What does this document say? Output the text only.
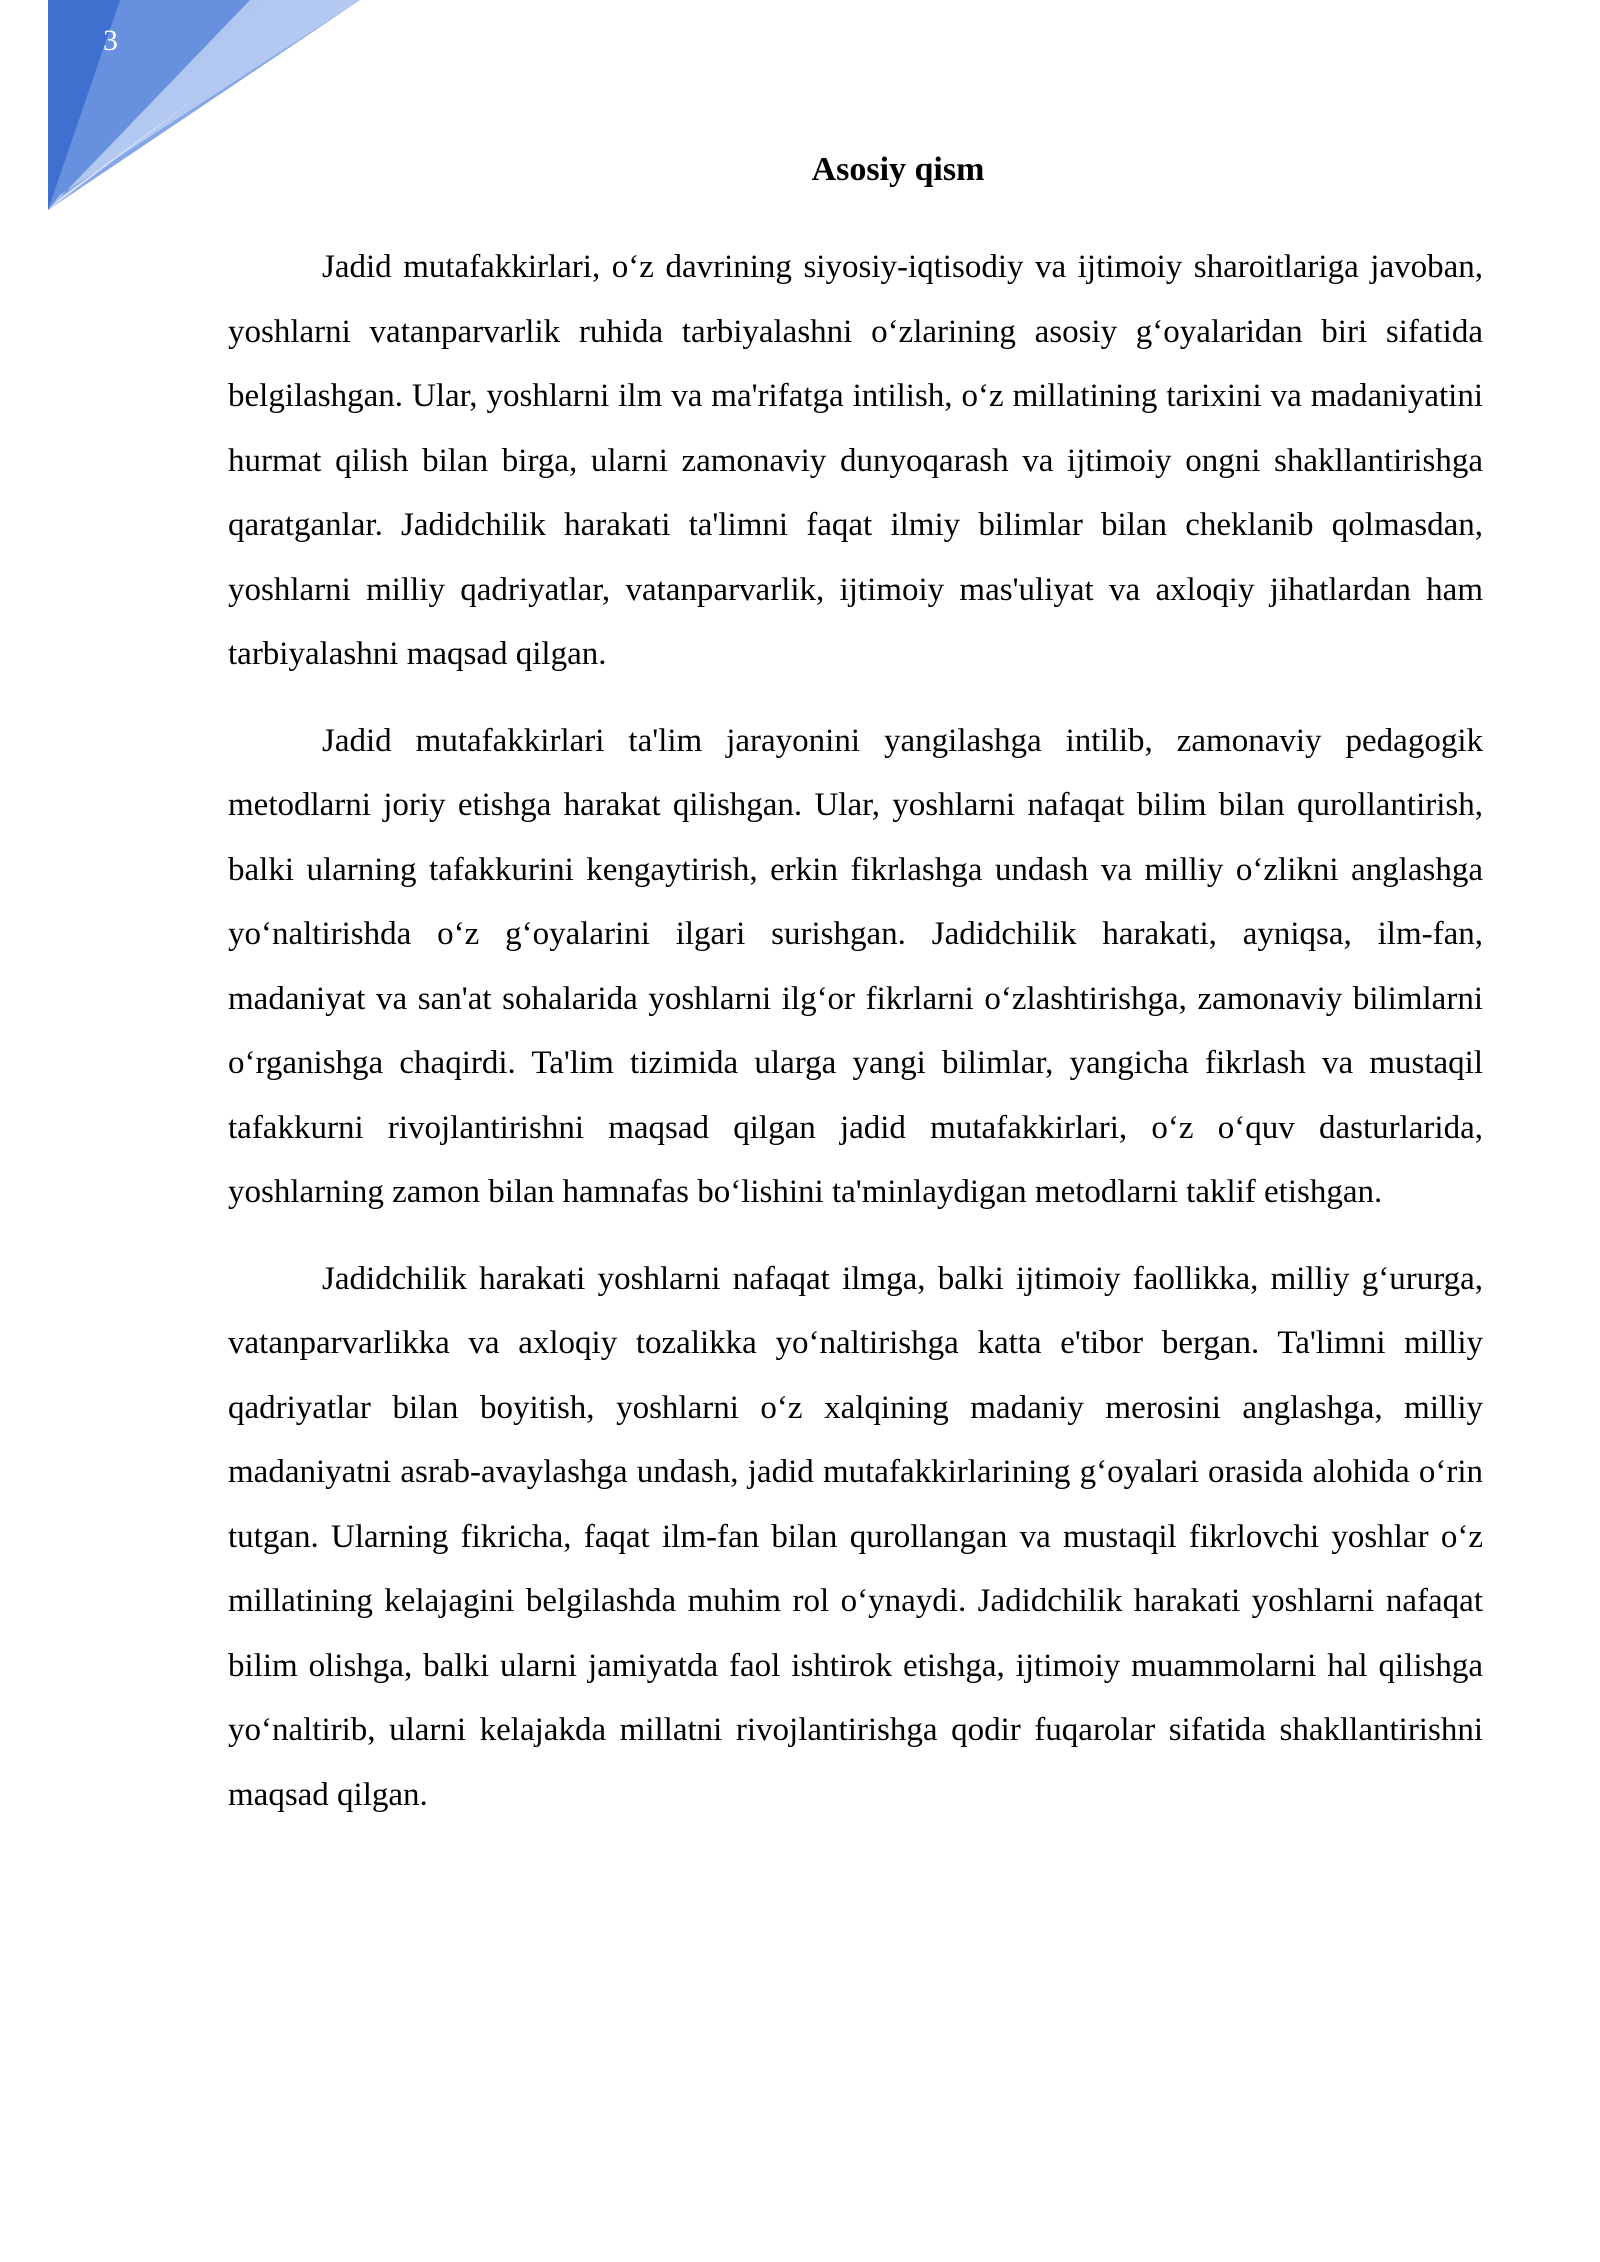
3
Asosiy qism

Jadid mutafakkirlari, o‘z davrining siyosiy-iqtisodiy va ijtimoiy sharoitlariga javoban, yoshlarni vatanparvarlik ruhida tarbiyalashni o‘zlarining asosiy g‘oyalaridan biri sifatida belgilashgan. Ular, yoshlarni ilm va ma'rifatga intilish, o‘z millatining tarixini va madaniyatini hurmat qilish bilan birga, ularni zamonaviy dunyoqarash va ijtimoiy ongni shakllantirishga qaratganlar. Jadidchilik harakati ta'limni faqat ilmiy bilimlar bilan cheklanib qolmasdan, yoshlarni milliy qadriyatlar, vatanparvarlik, ijtimoiy mas'uliyat va axloqiy jihatlardan ham tarbiyalashni maqsad qilgan.

Jadid mutafakkirlari ta'lim jarayonini yangilashga intilib, zamonaviy pedagogik metodlarni joriy etishga harakat qilishgan. Ular, yoshlarni nafaqat bilim bilan qurollantirish, balki ularning tafakkurini kengaytirish, erkin fikrlashga undash va milliy o‘zlikni anglashga yo‘naltirishda o‘z g‘oyalarini ilgari surishgan. Jadidchilik harakati, ayniqsa, ilm-fan, madaniyat va san'at sohalarida yoshlarni ilg‘or fikrlarni o‘zlashtirishga, zamonaviy bilimlarni o‘rganishga chaqirdi. Ta'lim tizimida ularga yangi bilimlar, yangicha fikrlash va mustaqil tafakkurni rivojlantirishni maqsad qilgan jadid mutafakkirlari, o‘z o‘quv dasturlarida, yoshlarning zamon bilan hamnafas bo‘lishini ta'minlaydigan metodlarni taklif etishgan.

Jadidchilik harakati yoshlarni nafaqat ilmga, balki ijtimoiy faollikka, milliy g‘ururga, vatanparvarlikka va axloqiy tozalikka yo‘naltirishga katta e'tibor bergan. Ta'limni milliy qadriyatlar bilan boyitish, yoshlarni o‘z xalqining madaniy merosini anglashga, milliy madaniyatni asrab-avaylashga undash, jadid mutafakkirlarining g‘oyalari orasida alohida o‘rin tutgan. Ularning fikricha, faqat ilm-fan bilan qurollangan va mustaqil fikrlovchi yoshlar o‘z millatining kelajagini belgilashda muhim rol o‘ynaydi. Jadidchilik harakati yoshlarni nafaqat bilim olishga, balki ularni jamiyatda faol ishtirok etishga, ijtimoiy muammolarni hal qilishga yo‘naltirib, ularni kelajakda millatni rivojlantirishga qodir fuqarolar sifatida shakllantirishni maqsad qilgan.
